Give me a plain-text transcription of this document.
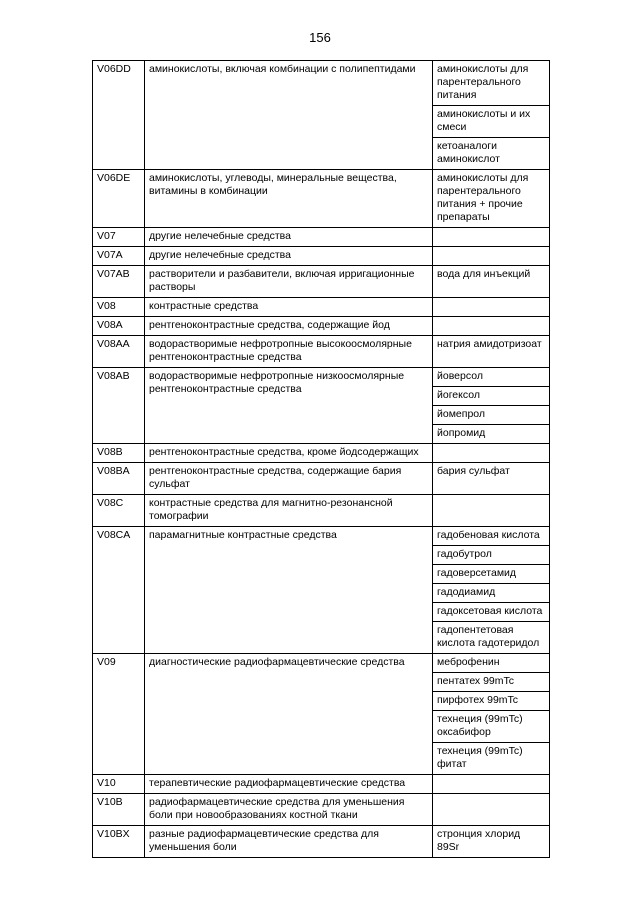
156
V06DD	аминокислоты, включая комбинации с полипептидами	аминокислоты для парентерального питания
		аминокислоты и их смеси
		кетоаналоги аминокислот
V06DE	аминокислоты, углеводы, минеральные вещества, витамины в комбинации	аминокислоты для парентерального питания + прочие препараты
V07	другие нелечебные средства	
V07A	другие нелечебные средства	
V07AB	растворители и разбавители, включая ирригационные растворы	вода для инъекций
V08	контрастные средства	
V08A	рентгеноконтрастные средства, содержащие йод	
V08AA	водорастворимые нефротропные высокоосмолярные рентгеноконтрастные средства	натрия амидотризоат
V08AB	водорастворимые нефротропные низкоосмолярные рентгеноконтрастные средства	йоверсол
		йогексол
		йомепрол
		йопромид
V08B	рентгеноконтрастные средства, кроме йодсодержащих	
V08BA	рентгеноконтрастные средства, содержащие бария сульфат	бария сульфат
V08C	контрастные средства для магнитно-резонансной томографии	
V08CA	парамагнитные контрастные средства	гадобеновая кислота
		гадобутрол
		гадоверсетамид
		гадодиамид
		гадоксетовая кислота
		гадопентетовая кислота гадотеридол
V09	диагностические радиофармацевтические средства	меброфенин
		пентатех 99mTc
		пирфотех 99mTc
		технеция (99mTc) оксабифор
		технеция (99mTc) фитат
V10	терапевтические радиофармацевтические средства	
V10B	радиофармацевтические средства для уменьшения боли при новообразованиях костной ткани	
V10BX	разные радиофармацевтические средства для уменьшения боли	стронция хлорид 89Sr
